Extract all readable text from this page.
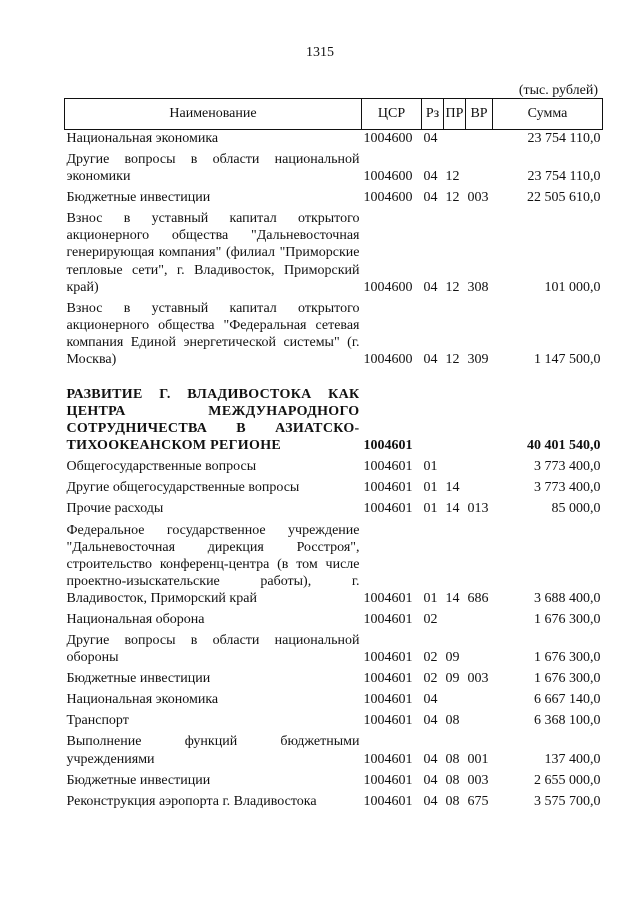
1315
(тыс. рублей)
Наименование	ЦСР	Рз	ПР	ВР	Сумма
Национальная экономика	1004600	04			23 754 110,0
Другие вопросы в области национальной экономики	1004600	04	12		23 754 110,0
Бюджетные инвестиции	1004600	04	12	003	22 505 610,0
Взнос в уставный капитал открытого акционерного общества "Дальневосточная генерирующая компания" (филиал "Приморские тепловые сети", г. Владивосток, Приморский край)	1004600	04	12	308	101 000,0
Взнос в уставный капитал открытого акционерного общества "Федеральная сетевая компания Единой энергетической системы" (г. Москва)	1004600	04	12	309	1 147 500,0

РАЗВИТИЕ Г. ВЛАДИВОСТОКА КАК ЦЕНТРА МЕЖДУНАРОДНОГО СОТРУДНИЧЕСТВА В АЗИАТСКО-ТИХООКЕАНСКОМ РЕГИОНЕ	1004601				40 401 540,0
Общегосударственные вопросы	1004601	01			3 773 400,0
Другие общегосударственные вопросы	1004601	01	14		3 773 400,0
Прочие расходы	1004601	01	14	013	85 000,0
Федеральное государственное учреждение "Дальневосточная дирекция Росстроя", строительство конференц-центра (в том числе проектно-изыскательские работы), г. Владивосток, Приморский край	1004601	01	14	686	3 688 400,0
Национальная оборона	1004601	02			1 676 300,0
Другие вопросы в области национальной обороны	1004601	02	09		1 676 300,0
Бюджетные инвестиции	1004601	02	09	003	1 676 300,0
Национальная экономика	1004601	04			6 667 140,0
Транспорт	1004601	04	08		6 368 100,0
Выполнение функций бюджетными учреждениями	1004601	04	08	001	137 400,0
Бюджетные инвестиции	1004601	04	08	003	2 655 000,0
Реконструкция аэропорта г. Владивостока	1004601	04	08	675	3 575 700,0
